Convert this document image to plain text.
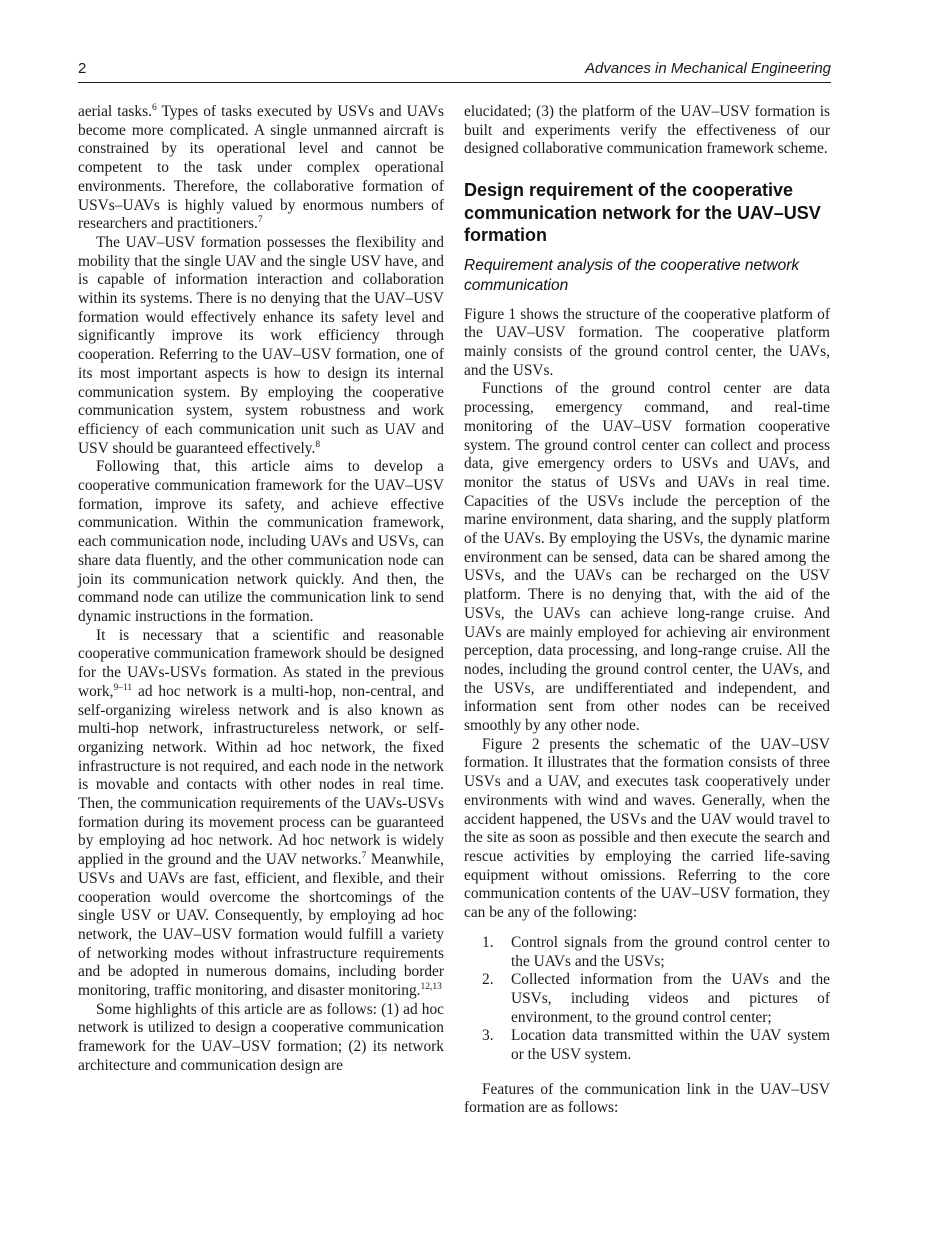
2	Advances in Mechanical Engineering

aerial tasks.$^6$ Types of tasks executed by USVs and UAVs become more complicated. A single unmanned aircraft is constrained by its operational level and cannot be competent to the task under complex operational environments. Therefore, the collaborative formation of USVs–UAVs is highly valued by enormous numbers of researchers and practitioners.$^7$

The UAV–USV formation possesses the flexibility and mobility that the single UAV and the single USV have, and is capable of information interaction and collaboration within its systems. There is no denying that the UAV–USV formation would effectively enhance its safety level and significantly improve its work efficiency through cooperation. Referring to the UAV–USV formation, one of its most important aspects is how to design its internal communication system. By employing the cooperative communication system, system robustness and work efficiency of each communication unit such as UAV and USV should be guaranteed effectively.$^8$

Following that, this article aims to develop a cooperative communication framework for the UAV–USV formation, improve its safety, and achieve effective communication. Within the communication framework, each communication node, including UAVs and USVs, can share data fluently, and the other communication node can join its communication network quickly. And then, the command node can utilize the communication link to send dynamic instructions in the formation.

It is necessary that a scientific and reasonable cooperative communication framework should be designed for the UAVs-USVs formation. As stated in the previous work,$^{9-11}$ ad hoc network is a multi-hop, non-central, and self-organizing wireless network and is also known as multi-hop network, infrastructureless network, or self-organizing network. Within ad hoc network, the fixed infrastructure is not required, and each node in the network is movable and contacts with other nodes in real time. Then, the communication requirements of the UAVs-USVs formation during its movement process can be guaranteed by employing ad hoc network. Ad hoc network is widely applied in the ground and the UAV networks.$^7$ Meanwhile, USVs and UAVs are fast, efficient, and flexible, and their cooperation would overcome the shortcomings of the single USV or UAV. Consequently, by employing ad hoc network, the UAV–USV formation would fulfill a variety of networking modes without infrastructure requirements and be adopted in numerous domains, including border monitoring, traffic monitoring, and disaster monitoring.$^{12,13}$

Some highlights of this article are as follows: (1) ad hoc network is utilized to design a cooperative communication framework for the UAV–USV formation; (2) its network architecture and communication design are

elucidated; (3) the platform of the UAV–USV formation is built and experiments verify the effectiveness of our designed collaborative communication framework scheme.

Design requirement of the cooperative communication network for the UAV–USV formation
Requirement analysis of the cooperative network communication

Figure 1 shows the structure of the cooperative platform of the UAV–USV formation. The cooperative platform mainly consists of the ground control center, the UAVs, and the USVs.

Functions of the ground control center are data processing, emergency command, and real-time monitoring of the UAV–USV formation cooperative system. The ground control center can collect and process data, give emergency orders to USVs and UAVs, and monitor the status of USVs and UAVs in real time. Capacities of the USVs include the perception of the marine environment, data sharing, and the supply platform of the UAVs. By employing the USVs, the dynamic marine environment can be sensed, data can be shared among the USVs, and the UAVs can be recharged on the USV platform. There is no denying that, with the aid of the USVs, the UAVs can achieve long-range cruise. And UAVs are mainly employed for achieving air environment perception, data processing, and long-range cruise. All the nodes, including the ground control center, the UAVs, and the USVs, are undifferentiated and independent, and information sent from other nodes can be received smoothly by any other node.

Figure 2 presents the schematic of the UAV–USV formation. It illustrates that the formation consists of three USVs and a UAV, and executes task cooperatively under environments with wind and waves. Generally, when the accident happened, the USVs and the UAV would travel to the site as soon as possible and then execute the search and rescue activities by employing the carried life-saving equipment without omissions. Referring to the core communication contents of the UAV–USV formation, they can be any of the following:

1. Control signals from the ground control center to the UAVs and the USVs;
2. Collected information from the UAVs and the USVs, including videos and pictures of environment, to the ground control center;
3. Location data transmitted within the UAV system or the USV system.

Features of the communication link in the UAV–USV formation are as follows:
